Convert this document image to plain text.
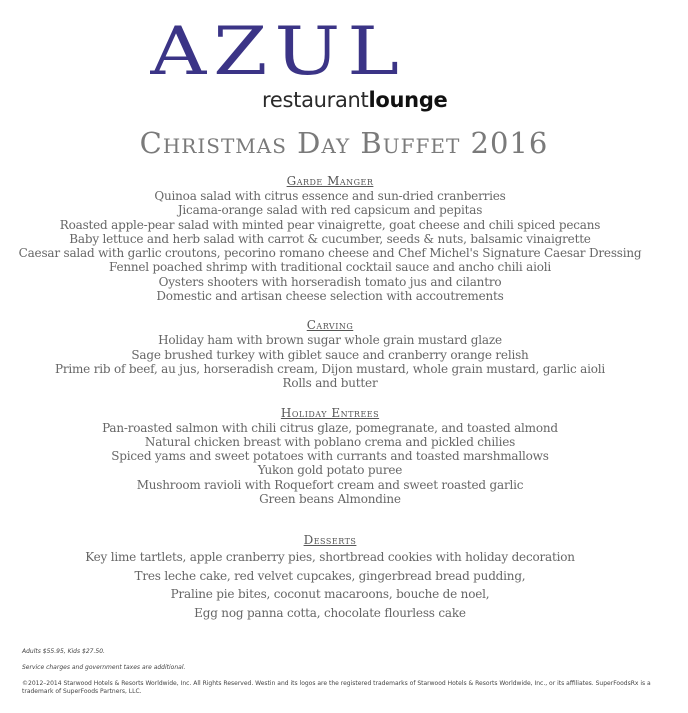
AZUL
restaurantlounge
Christmas Day Buffet 2016
Garde Manger
Quinoa salad with citrus essence and sun-dried cranberries
Jicama-orange salad with red capsicum and pepitas
Roasted apple-pear salad with minted pear vinaigrette, goat cheese and chili spiced pecans
Baby lettuce and herb salad with carrot & cucumber, seeds & nuts, balsamic vinaigrette
Caesar salad with garlic croutons, pecorino romano cheese and Chef Michel's Signature Caesar Dressing
Fennel poached shrimp with traditional cocktail sauce and ancho chili aioli
Oysters shooters with horseradish tomato jus and cilantro
Domestic and artisan cheese selection with accoutrements
Carving
Holiday ham with brown sugar whole grain mustard glaze
Sage brushed turkey with giblet sauce and cranberry orange relish
Prime rib of beef, au jus, horseradish cream, Dijon mustard, whole grain mustard, garlic aioli
Rolls and butter
Holiday Entrees
Pan-roasted salmon with chili citrus glaze, pomegranate, and toasted almond
Natural chicken breast with poblano crema and pickled chilies
Spiced yams and sweet potatoes with currants and toasted marshmallows
Yukon gold potato puree
Mushroom ravioli with Roquefort cream and sweet roasted garlic
Green beans Almondine
Desserts
Key lime tartlets, apple cranberry pies, shortbread cookies with holiday decoration
Tres leche cake, red velvet cupcakes, gingerbread bread pudding,
Praline pie bites, coconut macaroons, bouche de noel,
Egg nog panna cotta, chocolate flourless cake

Adults $55.95, Kids $27.50.

Service charges and government taxes are additional.

©2012–2014 Starwood Hotels & Resorts Worldwide, Inc. All Rights Reserved. Westin and its logos are the registered trademarks of Starwood Hotels & Resorts Worldwide, Inc., or its affiliates. SuperFoodsRx is a trademark of SuperFoods Partners, LLC.
